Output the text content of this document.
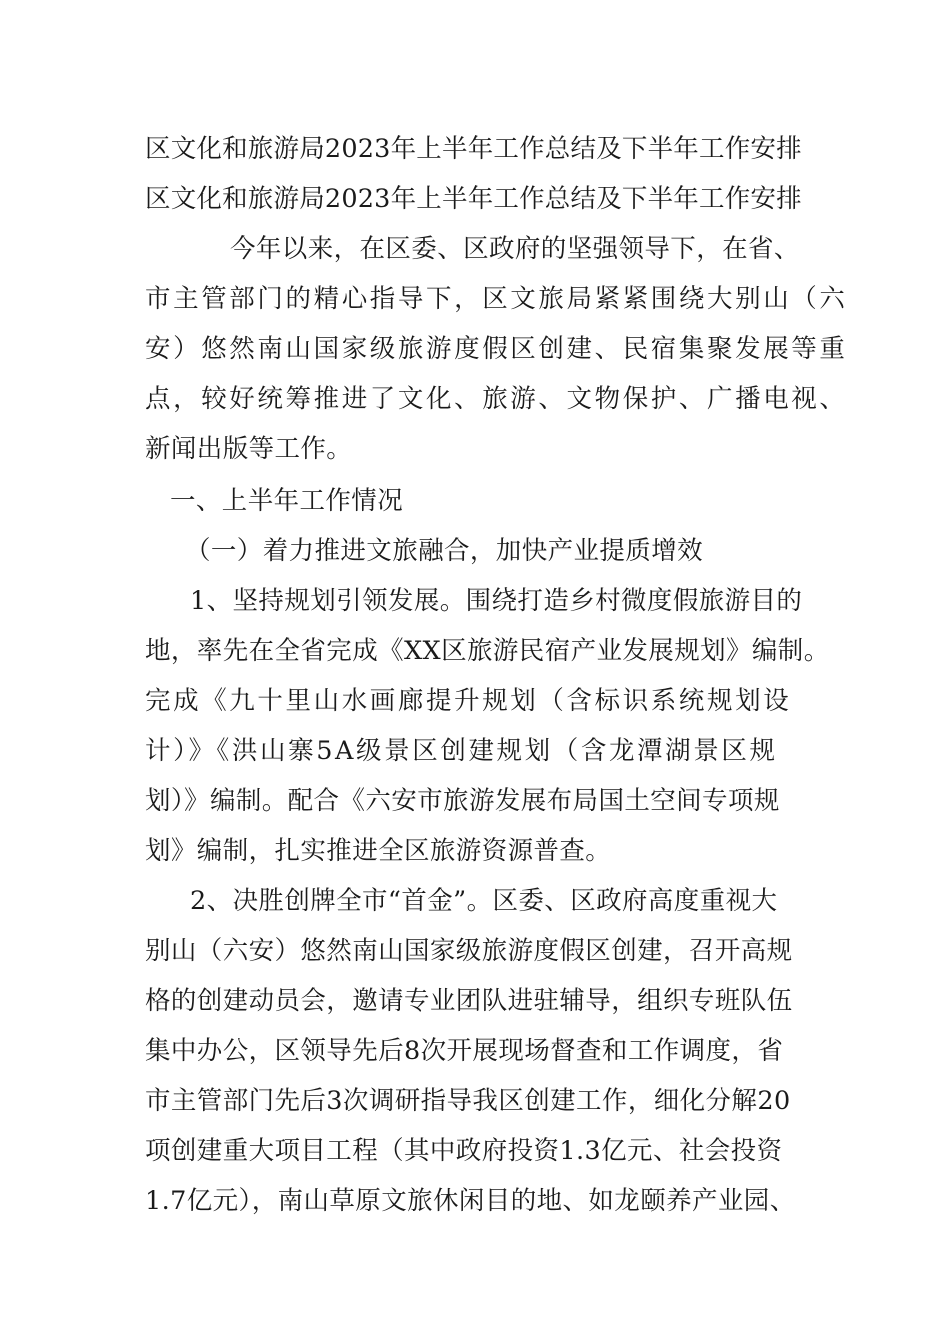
区文化和旅游局2023年上半年工作总结及下半年工作安排
区文化和旅游局2023年上半年工作总结及下半年工作安排
今年以来，在区委、区政府的坚强领导下，在省、
市主管部门的精心指导下，区文旅局紧紧围绕大别山（六
安）悠然南山国家级旅游度假区创建、民宿集聚发展等重
点，较好统筹推进了文化、旅游、文物保护、广播电视、
新闻出版等工作。
一、上半年工作情况
（一）着力推进文旅融合，加快产业提质增效
1、坚持规划引领发展。围绕打造乡村微度假旅游目的
地，率先在全省完成《XX区旅游民宿产业发展规划》编制。
完成《九十里山水画廊提升规划（含标识系统规划设
计）》《洪山寨5A级景区创建规划（含龙潭湖景区规
划）》编制。配合《六安市旅游发展布局国土空间专项规
划》编制，扎实推进全区旅游资源普查。
2、决胜创牌全市“首金”。区委、区政府高度重视大
别山（六安）悠然南山国家级旅游度假区创建，召开高规
格的创建动员会，邀请专业团队进驻辅导，组织专班队伍
集中办公，区领导先后8次开展现场督查和工作调度，省
市主管部门先后3次调研指导我区创建工作，细化分解20
项创建重大项目工程（其中政府投资1.3亿元、社会投资
1.7亿元），南山草原文旅休闲目的地、如龙颐养产业园、
